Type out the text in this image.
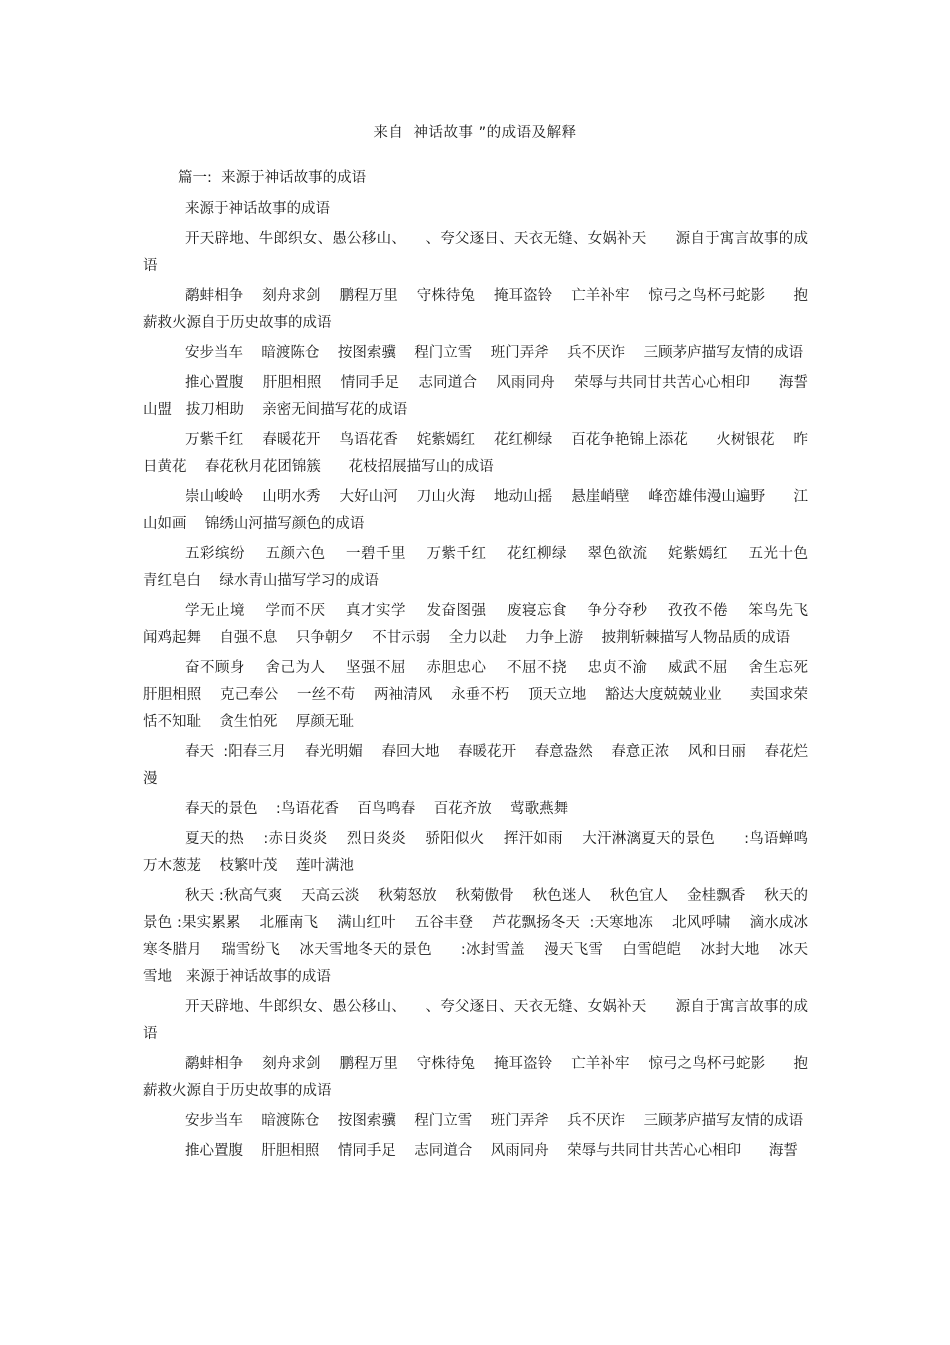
来自  神话故事 ”的成语及解释
篇一:  来源于神话故事的成语

来源于神话故事的成语

开天辟地、牛郎织女、愚公移山、    、夸父逐日、天衣无缝、女娲补天      源自于寓言故事的成语

鹬蚌相争    刻舟求剑    鹏程万里    守株待兔    掩耳盗铃    亡羊补牢    惊弓之鸟杯弓蛇影      抱薪救火源自于历史故事的成语

安步当车    暗渡陈仓    按图索骥    程门立雪    班门弄斧    兵不厌诈    三顾茅庐描写友情的成语

推心置腹    肝胆相照    情同手足    志同道合    风雨同舟    荣辱与共同甘共苦心心相印      海誓山盟   拔刀相助    亲密无间描写花的成语

万紫千红    春暖花开    鸟语花香    姹紫嫣红    花红柳绿    百花争艳锦上添花      火树银花    昨日黄花    春花秋月花团锦簇      花枝招展描写山的成语

崇山峻岭    山明水秀    大好山河    刀山火海    地动山摇    悬崖峭壁    峰峦雄伟漫山遍野      江山如画    锦绣山河描写颜色的成语

五彩缤纷    五颜六色    一碧千里    万紫千红    花红柳绿    翠色欲流    姹紫嫣红    五光十色    青红皂白    绿水青山描写学习的成语

学无止境    学而不厌    真才实学    发奋图强    废寝忘食    争分夺秒    孜孜不倦    笨鸟先飞    闻鸡起舞    自强不息    只争朝夕    不甘示弱    全力以赴    力争上游    披荆斩棘描写人物品质的成语

奋不顾身    舍己为人    坚强不屈    赤胆忠心    不屈不挠    忠贞不渝    威武不屈    舍生忘死    肝胆相照    克己奉公    一丝不苟    两袖清风    永垂不朽    顶天立地    豁达大度兢兢业业      卖国求荣    恬不知耻    贪生怕死    厚颜无耻

春天  :阳春三月    春光明媚    春回大地    春暖花开    春意盎然    春意正浓    风和日丽    春花烂漫

春天的景色    :鸟语花香    百鸟鸣春    百花齐放    莺歌燕舞

夏天的热    :赤日炎炎    烈日炎炎    骄阳似火    挥汗如雨    大汗淋漓夏天的景色      :鸟语蝉鸣    万木葱茏    枝繁叶茂    莲叶满池

秋天 :秋高气爽    天高云淡    秋菊怒放    秋菊傲骨    秋色迷人    秋色宜人    金桂飘香    秋天的景色 :果实累累    北雁南飞    满山红叶    五谷丰登    芦花飘扬冬天  :天寒地冻    北风呼啸    滴水成冰    寒冬腊月    瑞雪纷飞    冰天雪地冬天的景色      :冰封雪盖    漫天飞雪    白雪皑皑    冰封大地    冰天雪地   来源于神话故事的成语

开天辟地、牛郎织女、愚公移山、    、夸父逐日、天衣无缝、女娲补天      源自于寓言故事的成语

鹬蚌相争    刻舟求剑    鹏程万里    守株待兔    掩耳盗铃    亡羊补牢    惊弓之鸟杯弓蛇影      抱薪救火源自于历史故事的成语

安步当车    暗渡陈仓    按图索骥    程门立雪    班门弄斧    兵不厌诈    三顾茅庐描写友情的成语

推心置腹    肝胆相照    情同手足    志同道合    风雨同舟    荣辱与共同甘共苦心心相印      海誓
